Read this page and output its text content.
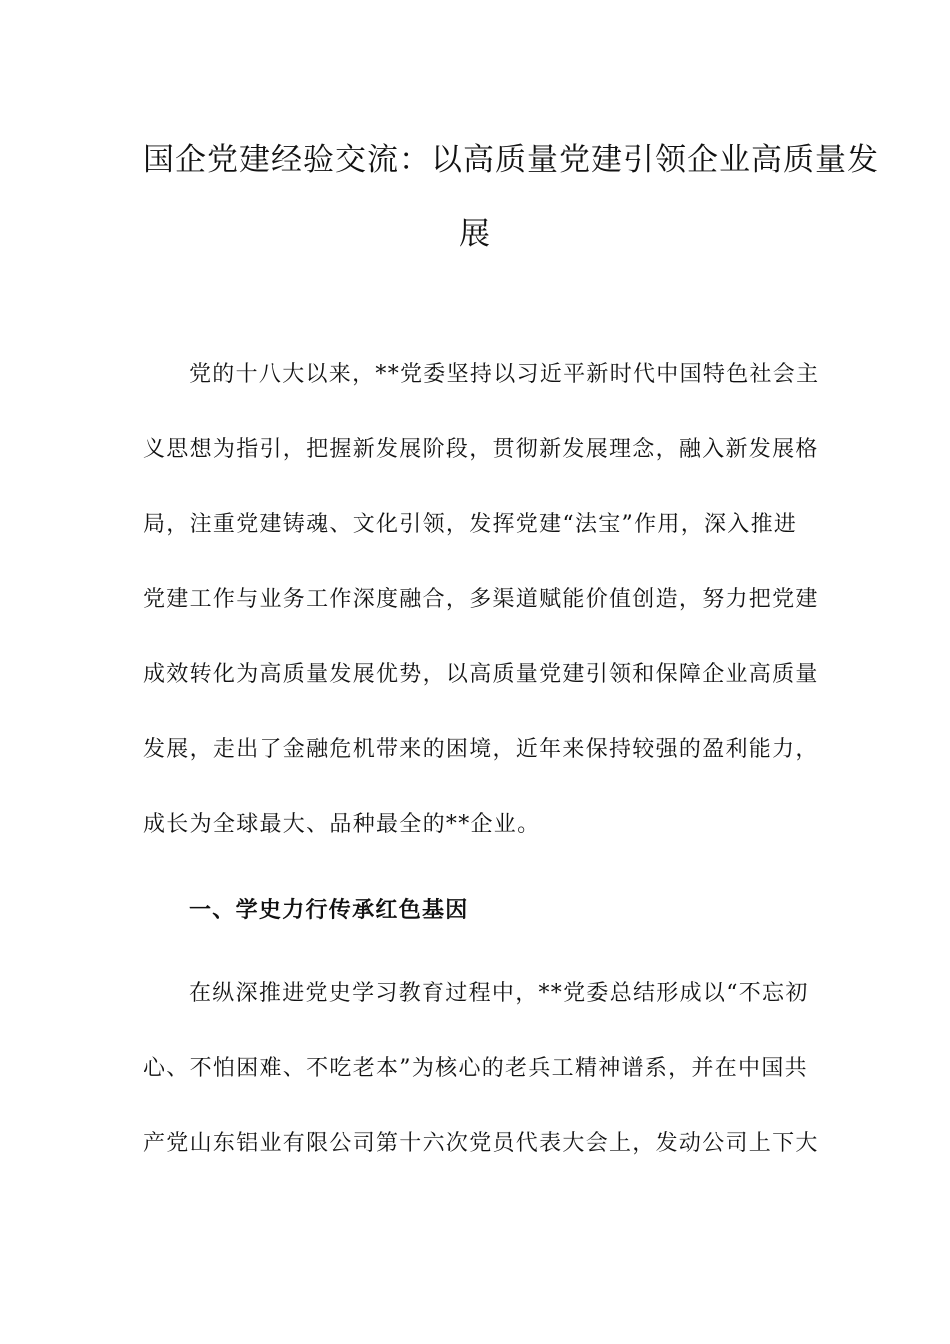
国企党建经验交流：以高质量党建引领企业高质量发
展
党的十八大以来，**党委坚持以习近平新时代中国特色社会主
义思想为指引，把握新发展阶段，贯彻新发展理念，融入新发展格
局，注重党建铸魂、文化引领，发挥党建“法宝”作用，深入推进
党建工作与业务工作深度融合，多渠道赋能价值创造，努力把党建
成效转化为高质量发展优势，以高质量党建引领和保障企业高质量
发展，走出了金融危机带来的困境，近年来保持较强的盈利能力，
成长为全球最大、品种最全的**企业。
一、学史力行传承红色基因
在纵深推进党史学习教育过程中，**党委总结形成以“不忘初
心、不怕困难、不吃老本”为核心的老兵工精神谱系，并在中国共
产党山东铝业有限公司第十六次党员代表大会上，发动公司上下大
